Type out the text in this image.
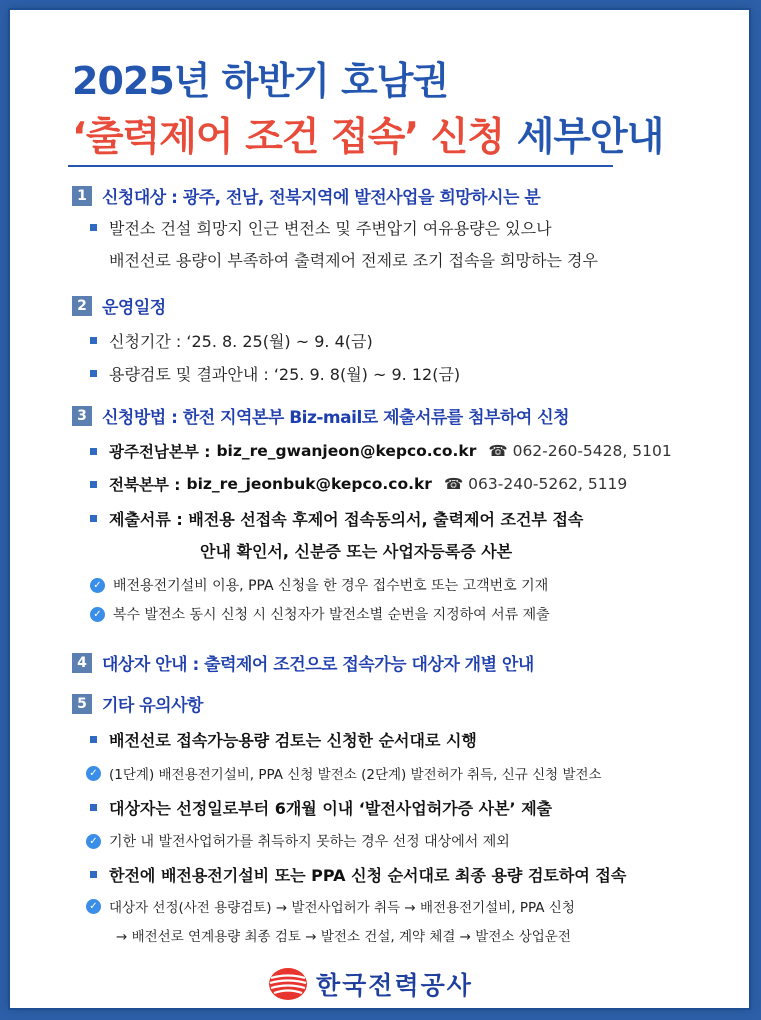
2025년 하반기 호남권
‘출력제어 조건 접속’ 신청 세부안내
1 신청대상 : 광주, 전남, 전북지역에 발전사업을 희망하시는 분
발전소 건설 희망지 인근 변전소 및 주변압기 여유용량은 있으나
배전선로 용량이 부족하여 출력제어 전제로 조기 접속을 희망하는 경우
2 운영일정
신청기간 : ‘25. 8. 25(월) ~ 9. 4(금)
용량검토 및 결과안내 : ‘25. 9. 8(월) ~ 9. 12(금)
3 신청방법 : 한전 지역본부 Biz-mail로 제출서류를 첨부하여 신청
광주전남본부 : biz_re_gwanjeon@kepco.co.kr ☎ 062-260-5428, 5101
전북본부 : biz_re_jeonbuk@kepco.co.kr ☎ 063-240-5262, 5119
제출서류 : 배전용 선접속 후제어 접속동의서, 출력제어 조건부 접속
안내 확인서, 신분증 또는 사업자등록증 사본
✓ 배전용전기설비 이용, PPA 신청을 한 경우 접수번호 또는 고객번호 기재
✓ 복수 발전소 동시 신청 시 신청자가 발전소별 순번을 지정하여 서류 제출
4 대상자 안내 : 출력제어 조건으로 접속가능 대상자 개별 안내
5 기타 유의사항
배전선로 접속가능용량 검토는 신청한 순서대로 시행
✓ (1단계) 배전용전기설비, PPA 신청 발전소 (2단계) 발전허가 취득, 신규 신청 발전소
대상자는 선정일로부터 6개월 이내 ‘발전사업허가증 사본’ 제출
✓ 기한 내 발전사업허가를 취득하지 못하는 경우 선정 대상에서 제외
한전에 배전용전기설비 또는 PPA 신청 순서대로 최종 용량 검토하여 접속
✓ 대상자 선정(사전 용량검토) → 발전사업허가 취득 → 배전용전기설비, PPA 신청
→ 배전선로 연계용량 최종 검토 → 발전소 건설, 계약 체결 → 발전소 상업운전
한국전력공사
